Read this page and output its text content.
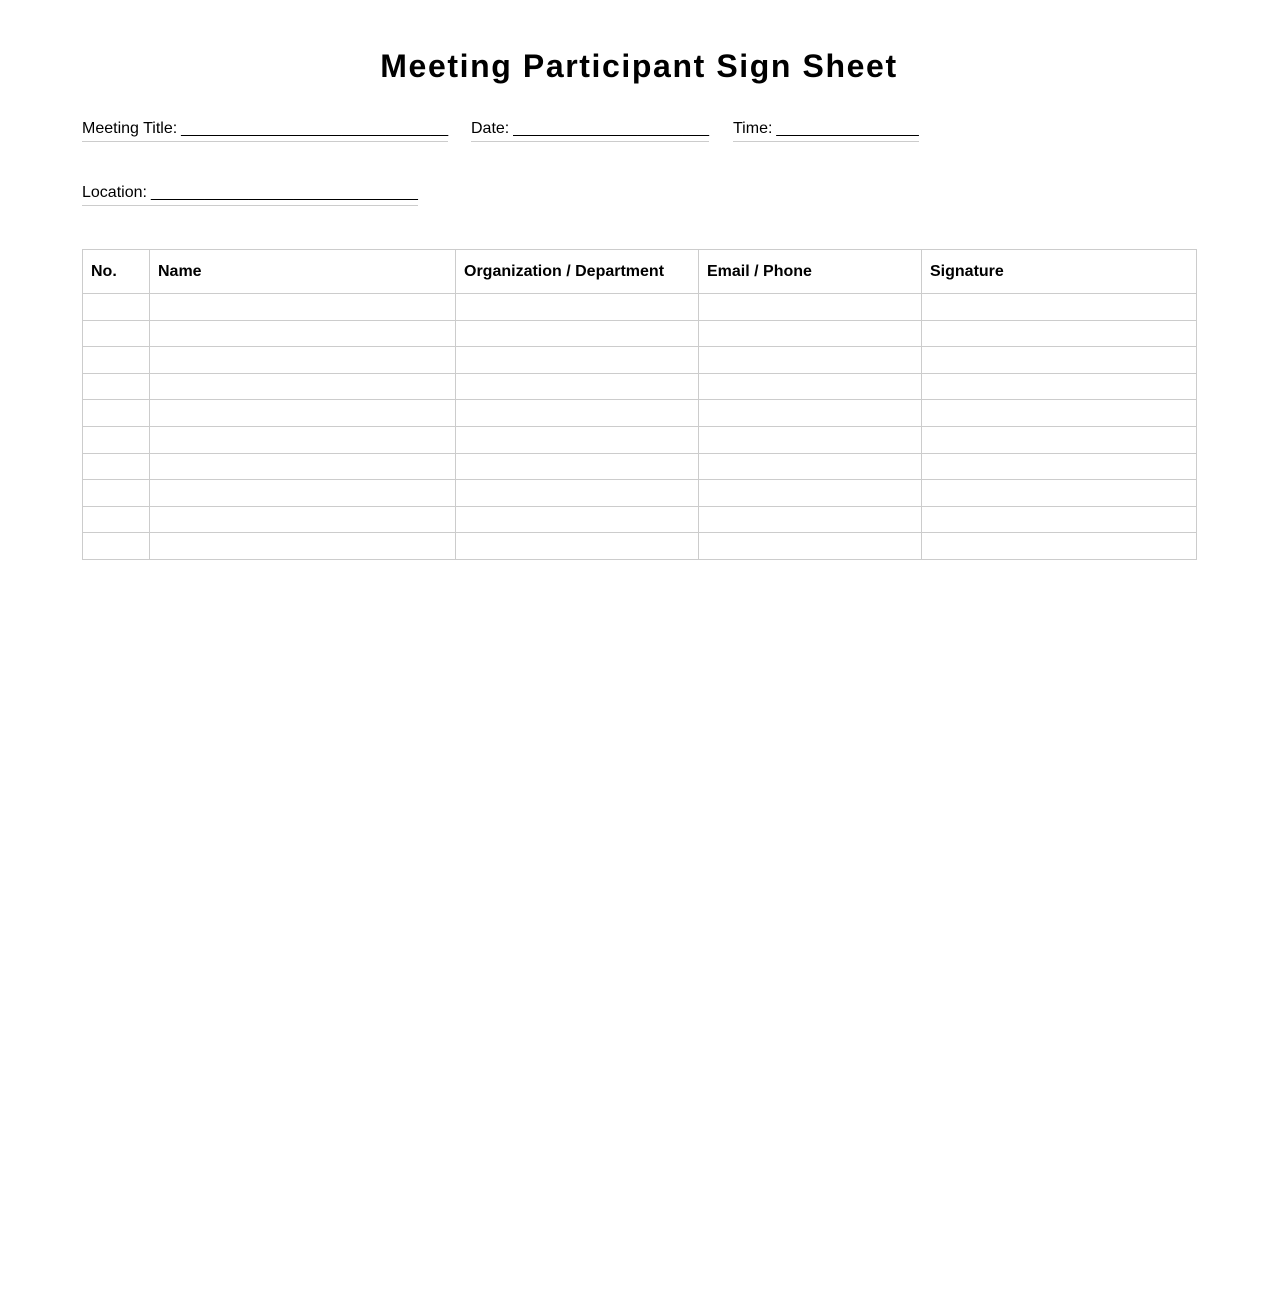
Meeting Participant Sign Sheet
Meeting Title: ______________________________ Date: ______________________ Time: ________________
Location: ______________________________
No.	Name	Organization / Department	Email / Phone	Signature
